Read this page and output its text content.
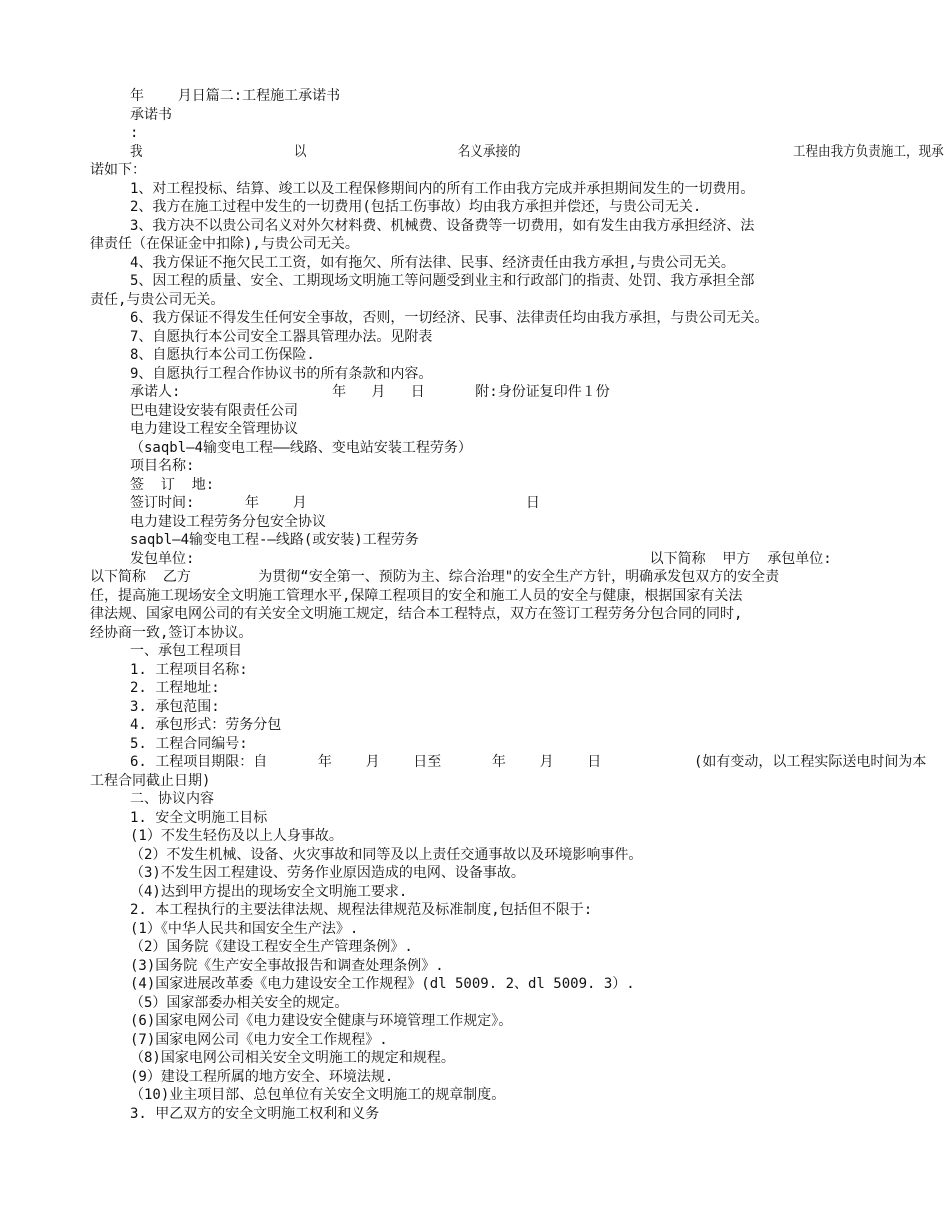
年    月日篇二:工程施工承诺书
承诺书
:
我                    以                    名义承接的                                    工程由我方负责施工，现承
诺如下：
1、对工程投标、结算、竣工以及工程保修期间内的所有工作由我方完成并承担期间发生的一切费用。
2、我方在施工过程中发生的一切费用(包括工伤事故）均由我方承担并偿还，与贵公司无关.
3、我方决不以贵公司名义对外欠材料费、机械费、设备费等一切费用，如有发生由我方承担经济、法
律责任（在保证金中扣除),与贵公司无关。
4、我方保证不拖欠民工工资，如有拖欠、所有法律、民事、经济责任由我方承担,与贵公司无关。
5、因工程的质量、安全、工期现场文明施工等问题受到业主和行政部门的指责、处罚、我方承担全部
责任,与贵公司无关。
6、我方保证不得发生任何安全事故，否则，一切经济、民事、法律责任均由我方承担，与贵公司无关。
7、自愿执行本公司安全工器具管理办法。见附表
8、自愿执行本公司工伤保险.
9、自愿执行工程合作协议书的所有条款和内容。
承诺人:                  年   月   日      附:身份证复印件１份
巴电建设安装有限责任公司
电力建设工程安全管理协议
（saqbl—4输变电工程——线路、变电站安装工程劳务）
项目名称:
签  订  地:
签订时间:      年    月                          日
电力建设工程劳务分包安全协议
saqbl—4输变电工程-—线路(或安装)工程劳务
发包单位:                                                      以下简称  甲方  承包单位:
以下简称  乙方        为贯彻“安全第一、预防为主、综合治理"的安全生产方针，明确承发包双方的安全责
任，提高施工现场安全文明施工管理水平,保障工程项目的安全和施工人员的安全与健康，根据国家有关法
律法规、国家电网公司的有关安全文明施工规定，结合本工程特点，双方在签订工程劳务分包合同的同时,
经协商一致,签订本协议。
一、承包工程项目
1. 工程项目名称:
2. 工程地址:
3. 承包范围:
4. 承包形式：劳务分包
5. 工程合同编号:
6. 工程项目期限：自      年    月    日至      年    月    日           (如有变动，以工程实际送电时间为本
工程合同截止日期)
二、协议内容
1. 安全文明施工目标
(1）不发生轻伤及以上人身事故。
（2）不发生机械、设备、火灾事故和同等及以上责任交通事故以及环境影响事件。
（3)不发生因工程建设、劳务作业原因造成的电网、设备事故。
（4)达到甲方提出的现场安全文明施工要求.
2. 本工程执行的主要法律法规、规程法律规范及标准制度,包括但不限于:
(1）《中华人民共和国安全生产法》.
（2）国务院《建设工程安全生产管理条例》.
(3)国务院《生产安全事故报告和调查处理条例》.
(4)国家进展改革委《电力建设安全工作规程》(dl 5009. 2、dl 5009. 3）.
（5）国家部委办相关安全的规定。
(6)国家电网公司《电力建设安全健康与环境管理工作规定》。
(7)国家电网公司《电力安全工作规程》.
（8)国家电网公司相关安全文明施工的规定和规程。
(9）建设工程所属的地方安全、环境法规.
（10)业主项目部、总包单位有关安全文明施工的规章制度。
3. 甲乙双方的安全文明施工权利和义务
